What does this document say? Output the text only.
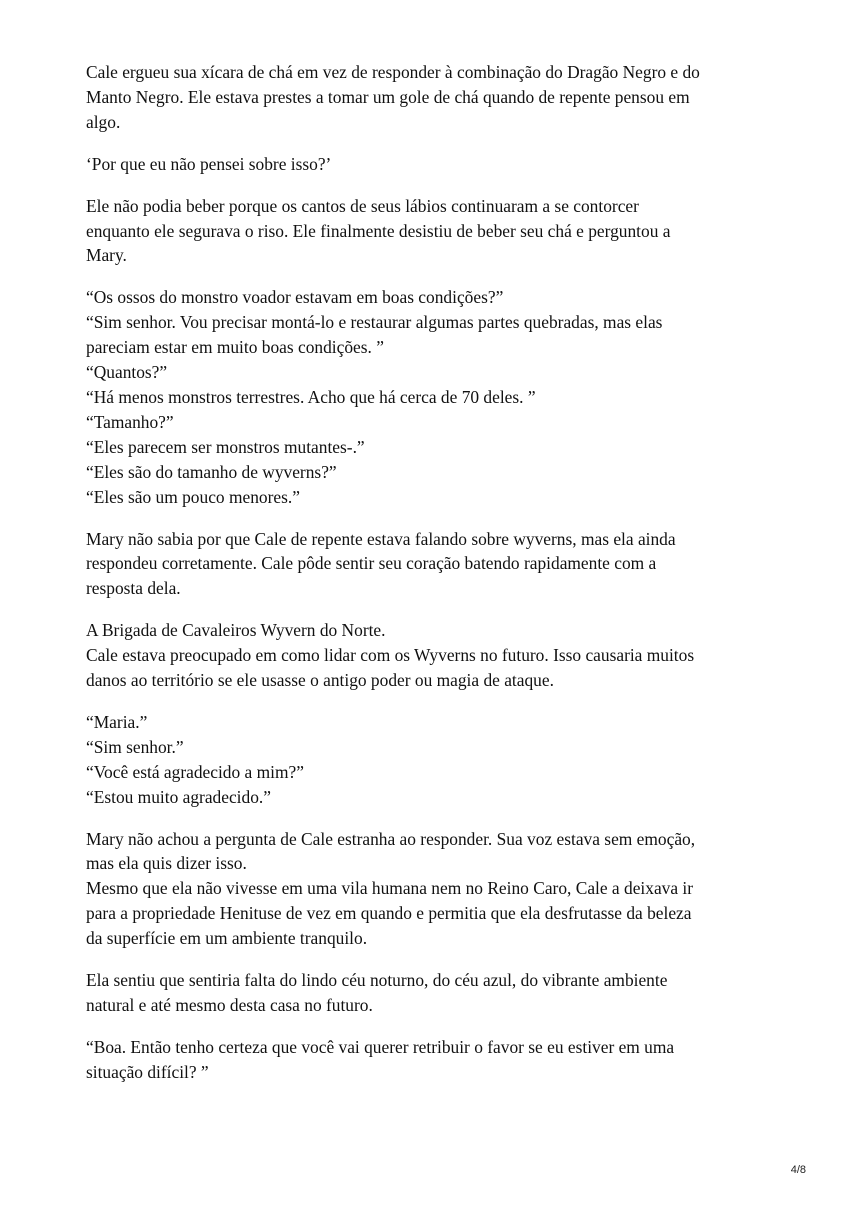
Cale ergueu sua xícara de chá em vez de responder à combinação do Dragão Negro e do
Manto Negro. Ele estava prestes a tomar um gole de chá quando de repente pensou em
algo.

‘Por que eu não pensei sobre isso?’

Ele não podia beber porque os cantos de seus lábios continuaram a se contorcer
enquanto ele segurava o riso. Ele finalmente desistiu de beber seu chá e perguntou a
Mary.

“Os ossos do monstro voador estavam em boas condições?”
“Sim senhor. Vou precisar montá-lo e restaurar algumas partes quebradas, mas elas
pareciam estar em muito boas condições. ”
“Quantos?”
“Há menos monstros terrestres. Acho que há cerca de 70 deles. ”
“Tamanho?”
“Eles parecem ser monstros mutantes-.”
“Eles são do tamanho de wyverns?”
“Eles são um pouco menores.”

Mary não sabia por que Cale de repente estava falando sobre wyverns, mas ela ainda
respondeu corretamente. Cale pôde sentir seu coração batendo rapidamente com a
resposta dela.

A Brigada de Cavaleiros Wyvern do Norte.
Cale estava preocupado em como lidar com os Wyverns no futuro. Isso causaria muitos
danos ao território se ele usasse o antigo poder ou magia de ataque.

“Maria.”
“Sim senhor.”
“Você está agradecido a mim?”
“Estou muito agradecido.”

Mary não achou a pergunta de Cale estranha ao responder. Sua voz estava sem emoção,
mas ela quis dizer isso.
Mesmo que ela não vivesse em uma vila humana nem no Reino Caro, Cale a deixava ir
para a propriedade Henituse de vez em quando e permitia que ela desfrutasse da beleza
da superfície em um ambiente tranquilo.

Ela sentiu que sentiria falta do lindo céu noturno, do céu azul, do vibrante ambiente
natural e até mesmo desta casa no futuro.

“Boa. Então tenho certeza que você vai querer retribuir o favor se eu estiver em uma
situação difícil? ”

4/8
